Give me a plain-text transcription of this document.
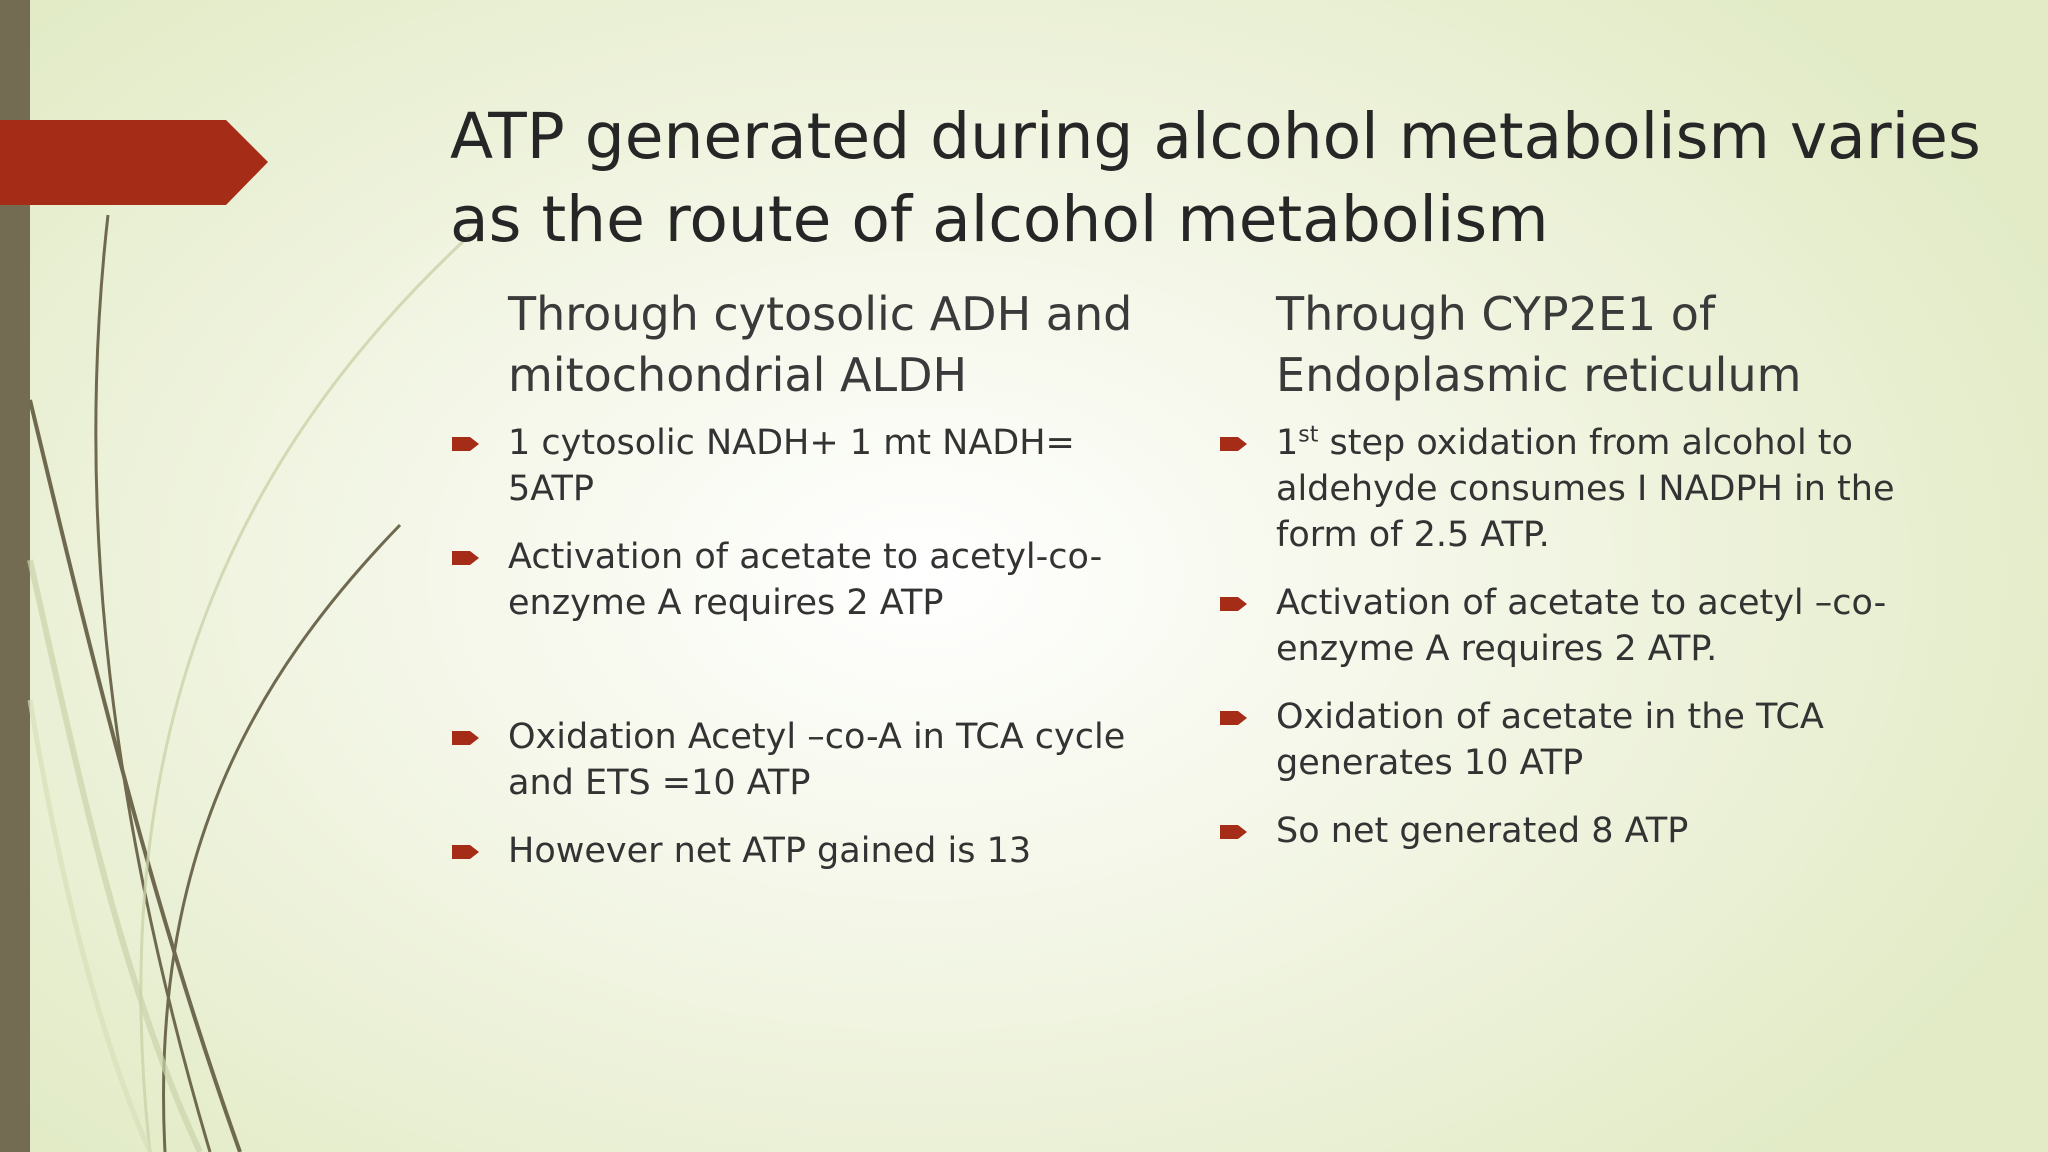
ATP generated during alcohol metabolism varies as the route of alcohol metabolism
Through cytosolic ADH and mitochondrial ALDH
1 cytosolic NADH+ 1 mt NADH= 5ATP
Activation of acetate to acetyl-co-enzyme A requires 2 ATP
Oxidation Acetyl –co-A in TCA cycle and ETS =10 ATP
However net ATP gained is 13
Through CYP2E1 of Endoplasmic reticulum
1st step oxidation from alcohol to aldehyde consumes I NADPH in the form of 2.5 ATP.
Activation of acetate to acetyl –co-enzyme A requires 2 ATP.
Oxidation of acetate in the TCA generates 10 ATP
So net generated 8 ATP
